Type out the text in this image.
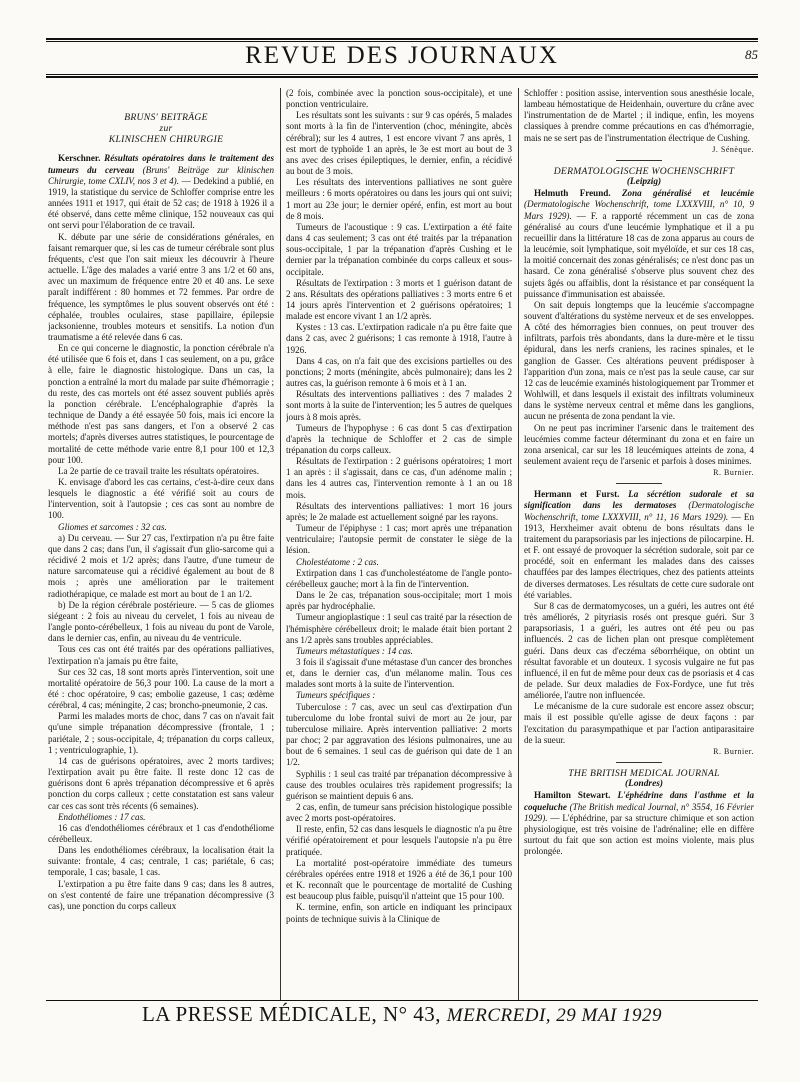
REVUE DES JOURNAUX	85

BRUNS' BEITRÄGE

zur

KLINISCHEN CHIRURGIE

Kerschner. Résultats opératoires dans le traitement des tumeurs du cerveau (Bruns' Beiträge zur klinischen Chirurgie, tome CXLIV, nos 3 et 4). — Dedekind a publié, en 1919, la statistique du service de Schloffer comprise entre les années 1911 et 1917, qui était de 52 cas; de 1918 à 1926 il a été observé, dans cette même clinique, 152 nouveaux cas qui ont servi pour l'élaboration de ce travail.

K. débute par une série de considérations générales, en faisant remarquer que, si les cas de tumeur cérébrale sont plus fréquents, c'est que l'on sait mieux les découvrir à l'heure actuelle. L'âge des malades a varié entre 3 ans 1/2 et 60 ans, avec un maximum de fréquence entre 20 et 40 ans. Le sexe paraît indifférent : 80 hommes et 72 femmes. Par ordre de fréquence, les symptômes le plus souvent observés ont été : céphalée, troubles oculaires, stase papillaire, épilepsie jacksonienne, troubles moteurs et sensitifs. La notion d'un traumatisme a été relevée dans 6 cas.

En ce qui concerne le diagnostic, la ponction cérébrale n'a été utilisée que 6 fois et, dans 1 cas seulement, on a pu, grâce à elle, faire le diagnostic histologique. Dans un cas, la ponction a entraîné la mort du malade par suite d'hémorragie ; du reste, des cas mortels ont été assez souvent publiés après la ponction cérébrale. L'encéphalographie d'après la technique de Dandy a été essayée 50 fois, mais ici encore la méthode n'est pas sans dangers, et l'on a observé 2 cas mortels; d'après diverses autres statistiques, le pourcentage de mortalité de cette méthode varie entre 8,1 pour 100 et 12,3 pour 100.

La 2e partie de ce travail traite les résultats opératoires.

K. envisage d'abord les cas certains, c'est-à-dire ceux dans lesquels le diagnostic a été vérifié soit au cours de l'intervention, soit à l'autopsie ; ces cas sont au nombre de 100.

Gliomes et sarcomes : 32 cas.

a) Du cerveau. — Sur 27 cas, l'extirpation n'a pu être faite que dans 2 cas; dans l'un, il s'agissait d'un glio-sarcome qui a récidivé 2 mois et 1/2 après; dans l'autre, d'une tumeur de nature sarcomateuse qui a récidivé également au bout de 8 mois ; après une amélioration par le traitement radiothérapique, ce malade est mort au bout de 1 an 1/2.

b) De la région cérébrale postérieure. — 5 cas de gliomes siégeant : 2 fois au niveau du cervelet, 1 fois au niveau de l'angle ponto-cérébelleux, 1 fois au niveau du pont de Varole, dans le dernier cas, enfin, au niveau du 4e ventricule.

Tous ces cas ont été traités par des opérations palliatives, l'extirpation n'a jamais pu être faite,

Sur ces 32 cas, 18 sont morts après l'intervention, soit une mortalité opératoire de 56,3 pour 100. La cause de la mort a été : choc opératoire, 9 cas; embolie gazeuse, 1 cas; œdème cérébral, 4 cas; méningite, 2 cas; broncho-pneumonie, 2 cas.

Parmi les malades morts de choc, dans 7 cas on n'avait fait qu'une simple trépanation décompressive (frontale, 1 ; pariétale, 2 ; sous-occipitale, 4; trépanation du corps calleux, 1 ; ventriculographie, 1).

14 cas de guérisons opératoires, avec 2 morts tardives; l'extirpation avait pu être faite. Il reste donc 12 cas de guérisons dont 6 après trépanation décompressive et 6 après ponction du corps calleux ; cette constatation est sans valeur car ces cas sont très récents (6 semaines).

Endothéliomes : 17 cas.

16 cas d'endothéliomes cérébraux et 1 cas d'endothéliome cérébelleux.

Dans les endothéliomes cérébraux, la localisation était la suivante: frontale, 4 cas; centrale, 1 cas; pariétale, 6 cas; temporale, 1 cas; basale, 1 cas.

L'extirpation a pu être faite dans 9 cas; dans les 8 autres, on s'est contenté de faire une trépanation décompressive (3 cas), une ponction du corps calleux

(2 fois, combinée avec la ponction sous-occipitale), et une ponction ventriculaire.

Les résultats sont les suivants : sur 9 cas opérés, 5 malades sont morts à la fin de l'intervention (choc, méningite, abcès cérébral); sur les 4 autres, 1 est encore vivant 7 ans après, 1 est mort de typhoïde 1 an après, le 3e est mort au bout de 3 ans avec des crises épileptiques, le dernier, enfin, a récidivé au bout de 3 mois.

Les résultats des interventions palliatives ne sont guère meilleurs : 6 morts opératoires ou dans les jours qui ont suivi; 1 mort au 23e jour; le dernier opéré, enfin, est mort au bout de 8 mois.

Tumeurs de l'acoustique : 9 cas. L'extirpation a été faite dans 4 cas seulement; 3 cas ont été traités par la trépanation sous-occipitale, 1 par la trépanation d'après Cushing et le dernier par la trépanation combinée du corps calleux et sous-occipitale.

Résultats de l'extirpation : 3 morts et 1 guérison datant de 2 ans. Résultats des opérations palliatives : 3 morts entre 6 et 14 jours après l'intervention et 2 guérisons opératoires; 1 malade est encore vivant 1 an 1/2 après.

Kystes : 13 cas. L'extirpation radicale n'a pu être faite que dans 2 cas, avec 2 guérisons; 1 cas remonte à 1918, l'autre à 1926.

Dans 4 cas, on n'a fait que des excisions partielles ou des ponctions; 2 morts (méningite, abcès pulmonaire); dans les 2 autres cas, la guérison remonte à 6 mois et à 1 an.

Résultats des interventions palliatives : des 7 malades 2 sont morts à la suite de l'intervention; les 5 autres de quelques jours à 8 mois après.

Tumeurs de l'hypophyse : 6 cas dont 5 cas d'extirpation d'après la technique de Schloffer et 2 cas de simple trépanation du corps calleux.

Résultats de l'extirpation : 2 guérisons opératoires; 1 mort 1 an après : il s'agissait, dans ce cas, d'un adénome malin ; dans les 4 autres cas, l'intervention remonte à 1 an ou 18 mois.

Résultats des interventions palliatives: 1 mort 16 jours après; le 2e malade est actuellement soigné par les rayons.

Tumeur de l'épiphyse : 1 cas; mort après une trépanation ventriculaire; l'autopsie permit de constater le siège de la lésion.

Cholestéatome : 2 cas.

Extirpation dans 1 cas d'uncholestéatome de l'angle ponto-cérébelleux gauche; mort à la fin de l'intervention.

Dans le 2e cas, trépanation sous-occipitale; mort 1 mois après par hydrocéphalie.

Tumeur angioplastique : 1 seul cas traité par la résection de l'hémisphère cérébelleux droit; le malade était bien portant 2 ans 1/2 après sans troubles appréciables.

Tumeurs métastatiques : 14 cas.

3 fois il s'agissait d'une métastase d'un cancer des bronches et, dans le dernier cas, d'un mélanome malin. Tous ces malades sont morts à la suite de l'intervention.

Tumeurs spécifiques :

Tuberculose : 7 cas, avec un seul cas d'extirpation d'un tuberculome du lobe frontal suivi de mort au 2e jour, par tuberculose miliaire. Après intervention palliative: 2 morts par choc; 2 par aggravation des lésions pulmonaires, une au bout de 6 semaines. 1 seul cas de guérison qui date de 1 an 1/2.

Syphilis : 1 seul cas traité par trépanation décompressive à cause des troubles oculaires très rapidement progressifs; la guérison se maintient depuis 6 ans.

2 cas, enfin, de tumeur sans précision histologique possible avec 2 morts post-opératoires.

Il reste, enfin, 52 cas dans lesquels le diagnostic n'a pu être vérifié opératoirement et pour lesquels l'autopsie n'a pu être pratiquée.

La mortalité post-opératoire immédiate des tumeurs cérébrales opérées entre 1918 et 1926 a été de 36,1 pour 100 et K. reconnaît que le pourcentage de mortalité de Cushing est beaucoup plus faible, puisqu'il n'atteint que 15 pour 100.

K. termine, enfin, son article en indiquant les principaux points de technique suivis à la Clinique de

Schloffer : position assise, intervention sous anesthésie locale, lambeau hémostatique de Heidenhain, ouverture du crâne avec l'instrumentation de de Martel ; il indique, enfin, les moyens classiques à prendre comme précautions en cas d'hémorragie, mais ne se sert pas de l'instrumentation électrique de Cushing.

J. Sénèque.

DERMATOLOGISCHE WOCHENSCHRIFT

(Leipzig)

Helmuth Freund. Zona généralisé et leucémie (Dermatologische Wochenschrift, tome LXXXVIII, n° 10, 9 Mars 1929). — F. a rapporté récemment un cas de zona généralisé au cours d'une leucémie lymphatique et il a pu recueillir dans la littérature 18 cas de zona apparus au cours de la leucémie, soit lymphatique, soit myéloïde, et sur ces 18 cas, la moitié concernait des zonas généralisés; ce n'est donc pas un hasard. Ce zona généralisé s'observe plus souvent chez des sujets âgés ou affaiblis, dont la résistance et par conséquent la puissance d'immunisation est abaissée.

On sait depuis longtemps que la leucémie s'accompagne souvent d'altérations du système nerveux et de ses enveloppes. A côté des hémorragies bien connues, on peut trouver des infiltrats, parfois très abondants, dans la dure-mère et le tissu épidural, dans les nerfs craniens, les racines spinales, et le ganglion de Gasser. Ces altérations peuvent prédisposer à l'apparition d'un zona, mais ce n'est pas la seule cause, car sur 12 cas de leucémie examinés histologiquement par Trommer et Wohlwill, et dans lesquels il existait des infiltrats volumineux dans le système nerveux central et même dans les ganglions, aucun ne présenta de zona pendant la vie.

On ne peut pas incriminer l'arsenic dans le traitement des leucémies comme facteur déterminant du zona et en faire un zona arsenical, car sur les 18 leucémiques atteints de zona, 4 seulement avaient reçu de l'arsenic et parfois à doses minimes.

R. Burnier.

Hermann et Furst. La sécrétion sudorale et sa signification dans les dermatoses (Dermatologische Wochenschrift, tome LXXXVIII, n° 11, 16 Mars 1929). — En 1913, Herxheimer avait obtenu de bons résultats dans le traitement du parapsoriasis par les injections de pilocarpine. H. et F. ont essayé de provoquer la sécrétion sudorale, soit par ce procédé, soit en enfermant les malades dans des caisses chauffées par des lampes électriques, chez des patients atteints de diverses dermatoses. Les résultats de cette cure sudorale ont été variables.

Sur 8 cas de dermatomycoses, un a guéri, les autres ont été très améliorés, 2 pityriasis rosés ont presque guéri. Sur 3 parapsoriasis, 1 a guéri, les autres ont été peu ou pas influencés. 2 cas de lichen plan ont presque complètement guéri. Dans deux cas d'eczéma séborrhéique, on obtint un résultat favorable et un douteux. 1 sycosis vulgaire ne fut pas influencé, il en fut de même pour deux cas de psoriasis et 4 cas de pelade. Sur deux maladies de Fox-Fordyce, une fut très améliorée, l'autre non influencée.

Le mécanisme de la cure sudorale est encore assez obscur; mais il est possible qu'elle agisse de deux façons : par l'excitation du parasympathique et par l'action antiparasitaire de la sueur.

R. Burnier.

THE BRITISH MEDICAL JOURNAL

(Londres)

Hamilton Stewart. L'éphédrine dans l'asthme et la coqueluche (The British medical Journal, n° 3554, 16 Février 1929). — L'éphédrine, par sa structure chimique et son action physiologique, est très voisine de l'adrénaline; elle en diffère surtout du fait que son action est moins violente, mais plus prolongée.

LA PRESSE MÉDICALE, N° 43, MERCREDI, 29 MAI 1929
